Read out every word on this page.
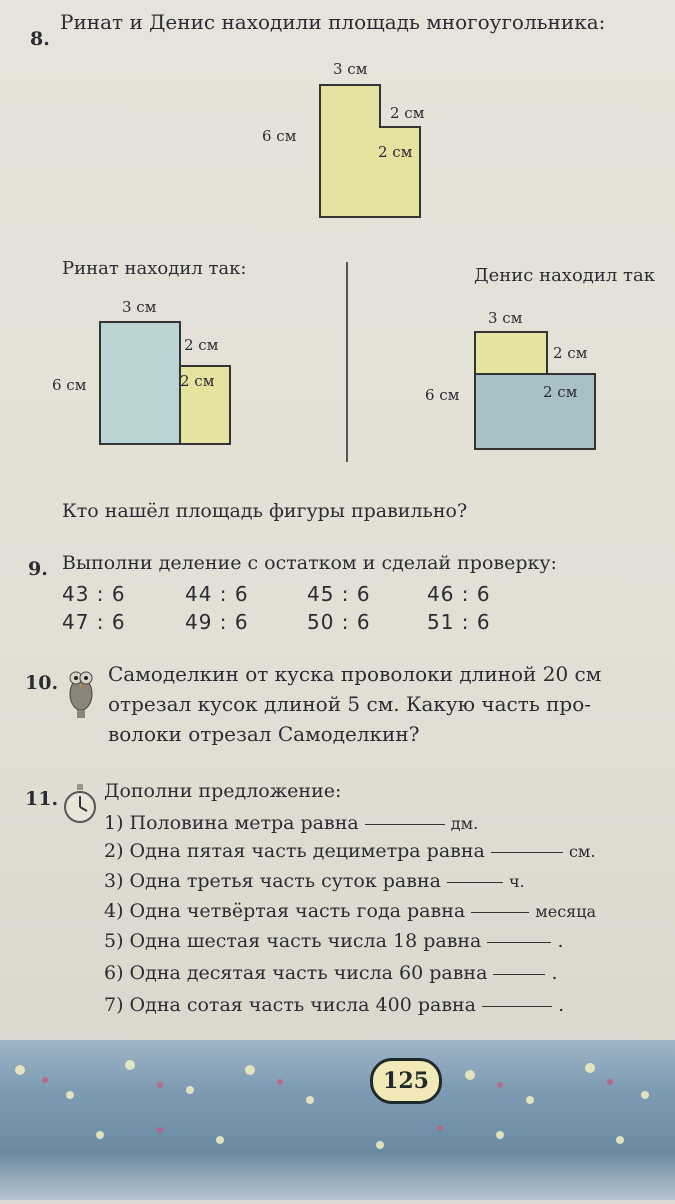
8.
Ринат и Денис находили площадь многоугольника:
3 см
2 см
2 см
6 см
Ринат находил так:
3 см
2 см
2 см
6 см
Денис находил так
3 см
2 см
2 см
6 см
Кто нашёл площадь фигуры правильно?
9. Выполни деление с остатком и сделай проверку:
43 : 6	44 : 6	45 : 6	46 : 6
47 : 6	49 : 6	50 : 6	51 : 6
10. Самоделкин от куска проволоки длиной 20 см
отрезал кусок длиной 5 см. Какую часть про-
волоки отрезал Самоделкин?
11. Дополни предложение:
1) Половина метра равна	дм.
2) Одна пятая часть дециметра равна	см.
3) Одна третья часть суток равна	ч.
4) Одна четвёртая часть года равна	месяца
5) Одна шестая часть числа 18 равна	.
6) Одна десятая часть числа 60 равна	.
7) Одна сотая часть числа 400 равна	.
125
